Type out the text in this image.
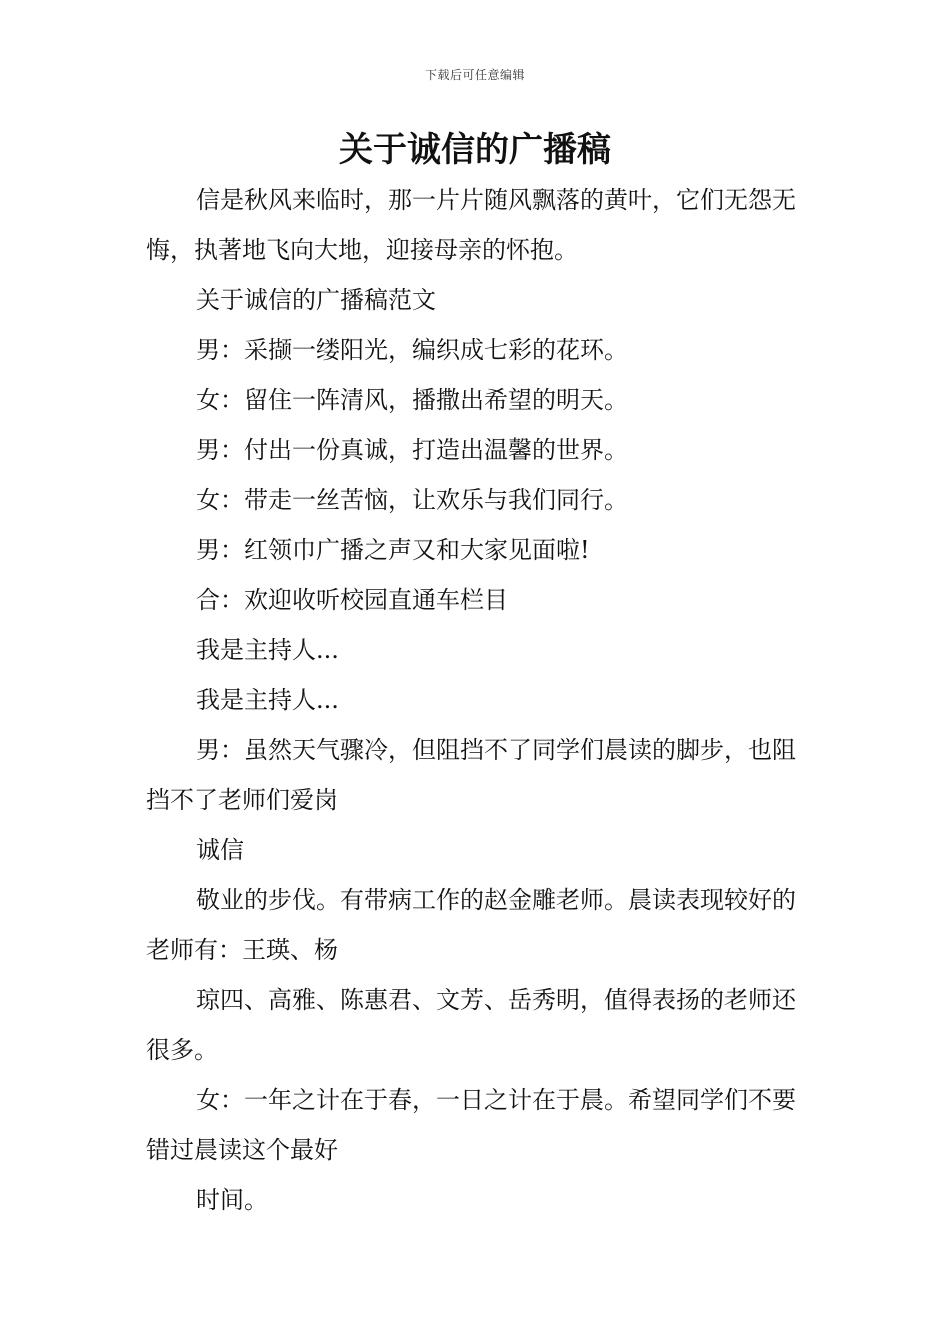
下载后可任意编辑
关于诚信的广播稿

信是秋风来临时，那一片片随风飘落的黄叶，它们无怨无悔，执著地飞向大地，迎接母亲的怀抱。

关于诚信的广播稿范文

男：采撷一缕阳光，编织成七彩的花环。

女：留住一阵清风，播撒出希望的明天。

男：付出一份真诚，打造出温馨的世界。

女：带走一丝苦恼，让欢乐与我们同行。

男：红领巾广播之声又和大家见面啦!

合：欢迎收听校园直通车栏目

我是主持人...

我是主持人...

男：虽然天气骤冷，但阻挡不了同学们晨读的脚步，也阻挡不了老师们爱岗

诚信

敬业的步伐。有带病工作的赵金雕老师。晨读表现较好的老师有：王瑛、杨

琼四、高雅、陈惠君、文芳、岳秀明，值得表扬的老师还很多。

女：一年之计在于春，一日之计在于晨。希望同学们不要错过晨读这个最好

时间。
